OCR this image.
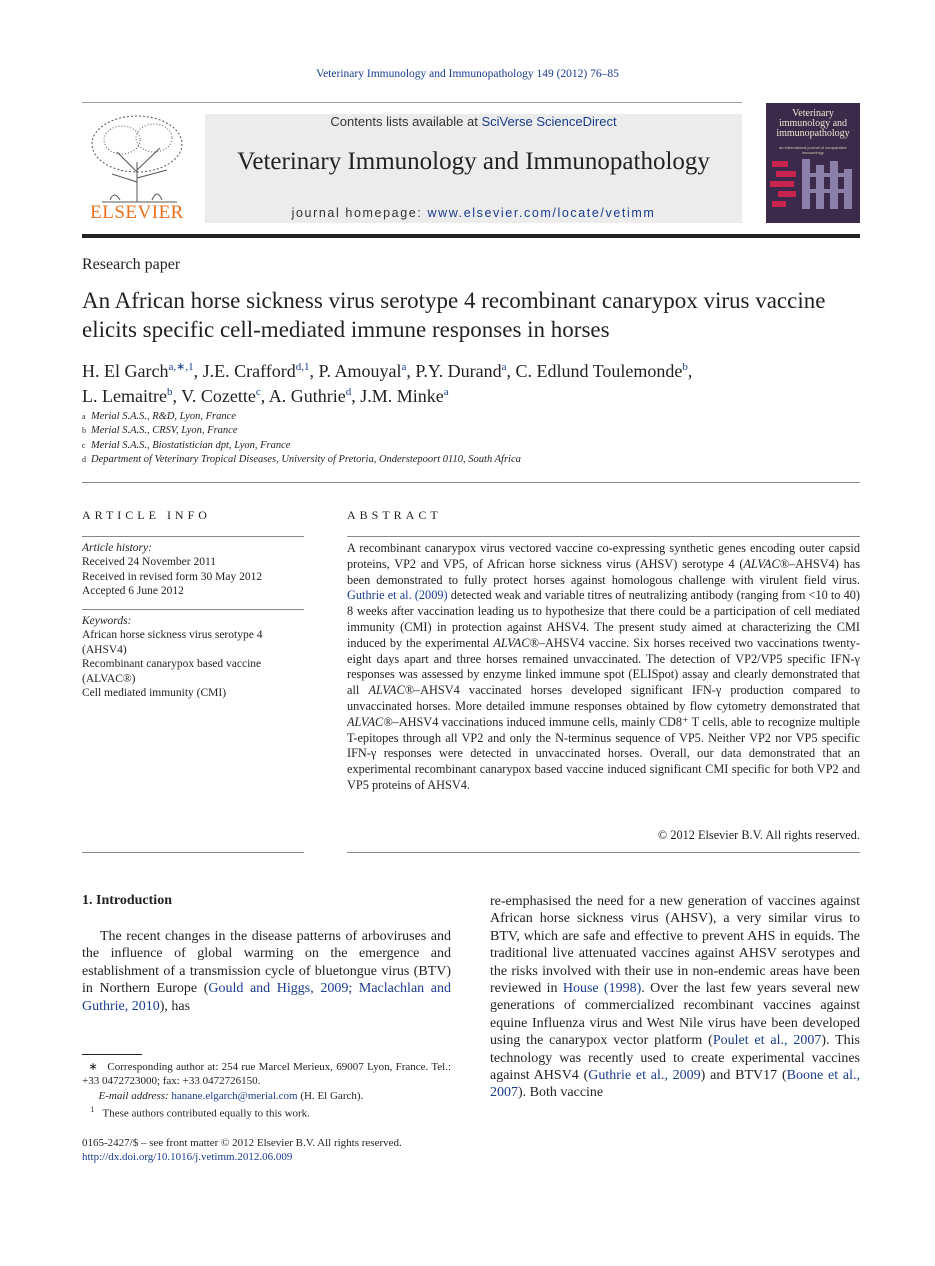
Veterinary Immunology and Immunopathology 149 (2012) 76–85
ELSEVIER
Contents lists available at SciVerse ScienceDirect
Veterinary Immunology and Immunopathology
journal homepage: www.elsevier.com/locate/vetimm
Veterinary immunology and immunopathology
an international journal of comparative immunology
Research paper
An African horse sickness virus serotype 4 recombinant canarypox virus vaccine elicits specific cell-mediated immune responses in horses
H. El Garch$^{a,∗,1}$, J.E. Crafford$^{d,1}$, P. Amouyal$^a$, P.Y. Durand$^a$, C. Edlund Toulemonde$^b$,
L. Lemaitre$^b$, V. Cozette$^c$, A. Guthrie$^d$, J.M. Minke$^a$
a Merial S.A.S., R&D, Lyon, France
b Merial S.A.S., CRSV, Lyon, France
c Merial S.A.S., Biostatistician dpt, Lyon, France
d Department of Veterinary Tropical Diseases, University of Pretoria, Onderstepoort 0110, South Africa
ARTICLE INFO	ABSTRACT
Article history:
Received 24 November 2011
Received in revised form 30 May 2012
Accepted 6 June 2012
Keywords:
African horse sickness virus serotype 4 (AHSV4)
Recombinant canarypox based vaccine (ALVAC®)
Cell mediated immunity (CMI)
A recombinant canarypox virus vectored vaccine co-expressing synthetic genes encoding outer capsid proteins, VP2 and VP5, of African horse sickness virus (AHSV) serotype 4 (ALVAC®–AHSV4) has been demonstrated to fully protect horses against homologous challenge with virulent field virus. Guthrie et al. (2009) detected weak and variable titres of neutralizing antibody (ranging from <10 to 40) 8 weeks after vaccination leading us to hypothesize that there could be a participation of cell mediated immunity (CMI) in protection against AHSV4. The present study aimed at characterizing the CMI induced by the experimental ALVAC®–AHSV4 vaccine. Six horses received two vaccinations twenty-eight days apart and three horses remained unvaccinated. The detection of VP2/VP5 specific IFN-γ responses was assessed by enzyme linked immune spot (ELISpot) assay and clearly demonstrated that all ALVAC®–AHSV4 vaccinated horses developed significant IFN-γ production compared to unvaccinated horses. More detailed immune responses obtained by flow cytometry demonstrated that ALVAC®–AHSV4 vaccinations induced immune cells, mainly CD8⁺ T cells, able to recognize multiple T-epitopes through all VP2 and only the N-terminus sequence of VP5. Neither VP2 nor VP5 specific IFN-γ responses were detected in unvaccinated horses. Overall, our data demonstrated that an experimental recombinant canarypox based vaccine induced significant CMI specific for both VP2 and VP5 proteins of AHSV4.
© 2012 Elsevier B.V. All rights reserved.
1. Introduction
The recent changes in the disease patterns of arboviruses and the influence of global warming on the emergence and establishment of a transmission cycle of bluetongue virus (BTV) in Northern Europe (Gould and Higgs, 2009; Maclachlan and Guthrie, 2010), has
re-emphasised the need for a new generation of vaccines against African horse sickness virus (AHSV), a very similar virus to BTV, which are safe and effective to prevent AHS in equids. The traditional live attenuated vaccines against AHSV serotypes and the risks involved with their use in non-endemic areas have been reviewed in House (1998). Over the last few years several new generations of commercialized recombinant vaccines against equine Influenza virus and West Nile virus have been developed using the canarypox vector platform (Poulet et al., 2007). This technology was recently used to create experimental vaccines against AHSV4 (Guthrie et al., 2009) and BTV17 (Boone et al., 2007). Both vaccine
∗ Corresponding author at: 254 rue Marcel Merieux, 69007 Lyon, France. Tel.: +33 0472723000; fax: +33 0472726150.
E-mail address: hanane.elgarch@merial.com (H. El Garch).
$^1$ These authors contributed equally to this work.
0165-2427/$ – see front matter © 2012 Elsevier B.V. All rights reserved.
http://dx.doi.org/10.1016/j.vetimm.2012.06.009
